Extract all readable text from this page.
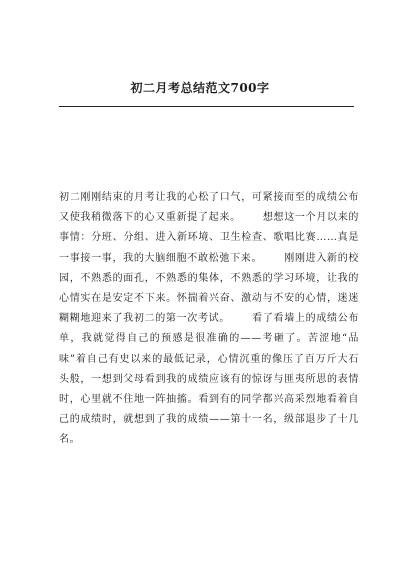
初二月考总结范文700字
初二刚刚结束的月考让我的心松了口气，可紧接而至的成绩公布又使我稍微落下的心又重新提了起来。 想想这一个月以来的事情：分班、分组、进入新环境、卫生检查、歌唱比赛……真是一事接一事，我的大脑细胞不敢松弛下来。 刚刚进入新的校园，不熟悉的面孔，不熟悉的集体，不熟悉的学习环境，让我的心情实在是安定不下来。怀揣着兴奋、激动与不安的心情，迷迷糊糊地迎来了我初二的第一次考试。 看了看墙上的成绩公布单，我就觉得自己的预感是很准确的——考砸了。苦涩地“品味”着自己有史以来的最低记录，心情沉重的像压了百万斤大石头般，一想到父母看到我的成绩应该有的惊讶与匪夷所思的表情时，心里就不住地一阵抽搐。看到有的同学都兴高采烈地看着自己的成绩时，就想到了我的成绩——第十一名，级部退步了十几名。
